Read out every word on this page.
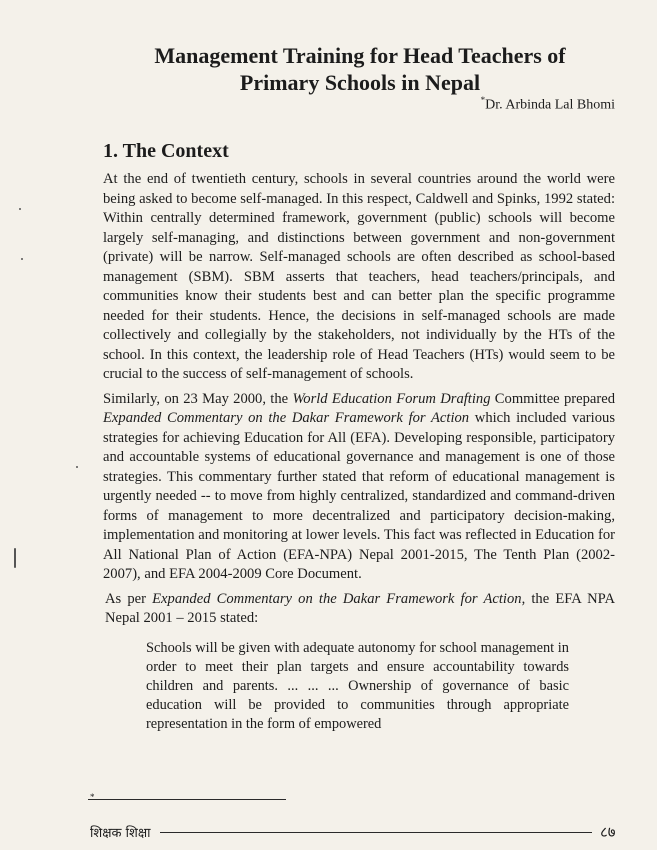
Management Training for Head Teachers of
Primary Schools in Nepal
*Dr. Arbinda Lal Bhomi
1. The Context

At the end of twentieth century, schools in several countries around the world were being asked to become self-managed. In this respect, Caldwell and Spinks, 1992 stated: Within centrally determined framework, government (public) schools will become largely self-managing, and distinctions between government and non-government (private) will be narrow. Self-managed schools are often described as school-based management (SBM). SBM asserts that teachers, head teachers/principals, and communities know their students best and can better plan the specific programme needed for their students. Hence, the decisions in self-managed schools are made collectively and collegially by the stakeholders, not individually by the HTs of the school. In this context, the leadership role of Head Teachers (HTs) would seem to be crucial to the success of self-management of schools.

Similarly, on 23 May 2000, the World Education Forum Drafting Committee prepared Expanded Commentary on the Dakar Framework for Action which included various strategies for achieving Education for All (EFA). Developing responsible, participatory and accountable systems of educational governance and management is one of those strategies. This commentary further stated that reform of educational management is urgently needed -- to move from highly centralized, standardized and command-driven forms of management to more decentralized and participatory decision-making, implementation and monitoring at lower levels. This fact was reflected in Education for All National Plan of Action (EFA-NPA) Nepal 2001-2015, The Tenth Plan (2002-2007), and EFA 2004-2009 Core Document.

As per Expanded Commentary on the Dakar Framework for Action, the EFA NPA Nepal 2001 – 2015 stated:

Schools will be given with adequate autonomy for school management in order to meet their plan targets and ensure accountability towards children and parents. ... ... ... Ownership of governance of basic education will be provided to communities through appropriate representation in the form of empowered
*
शिक्षक शिक्षा	८७
